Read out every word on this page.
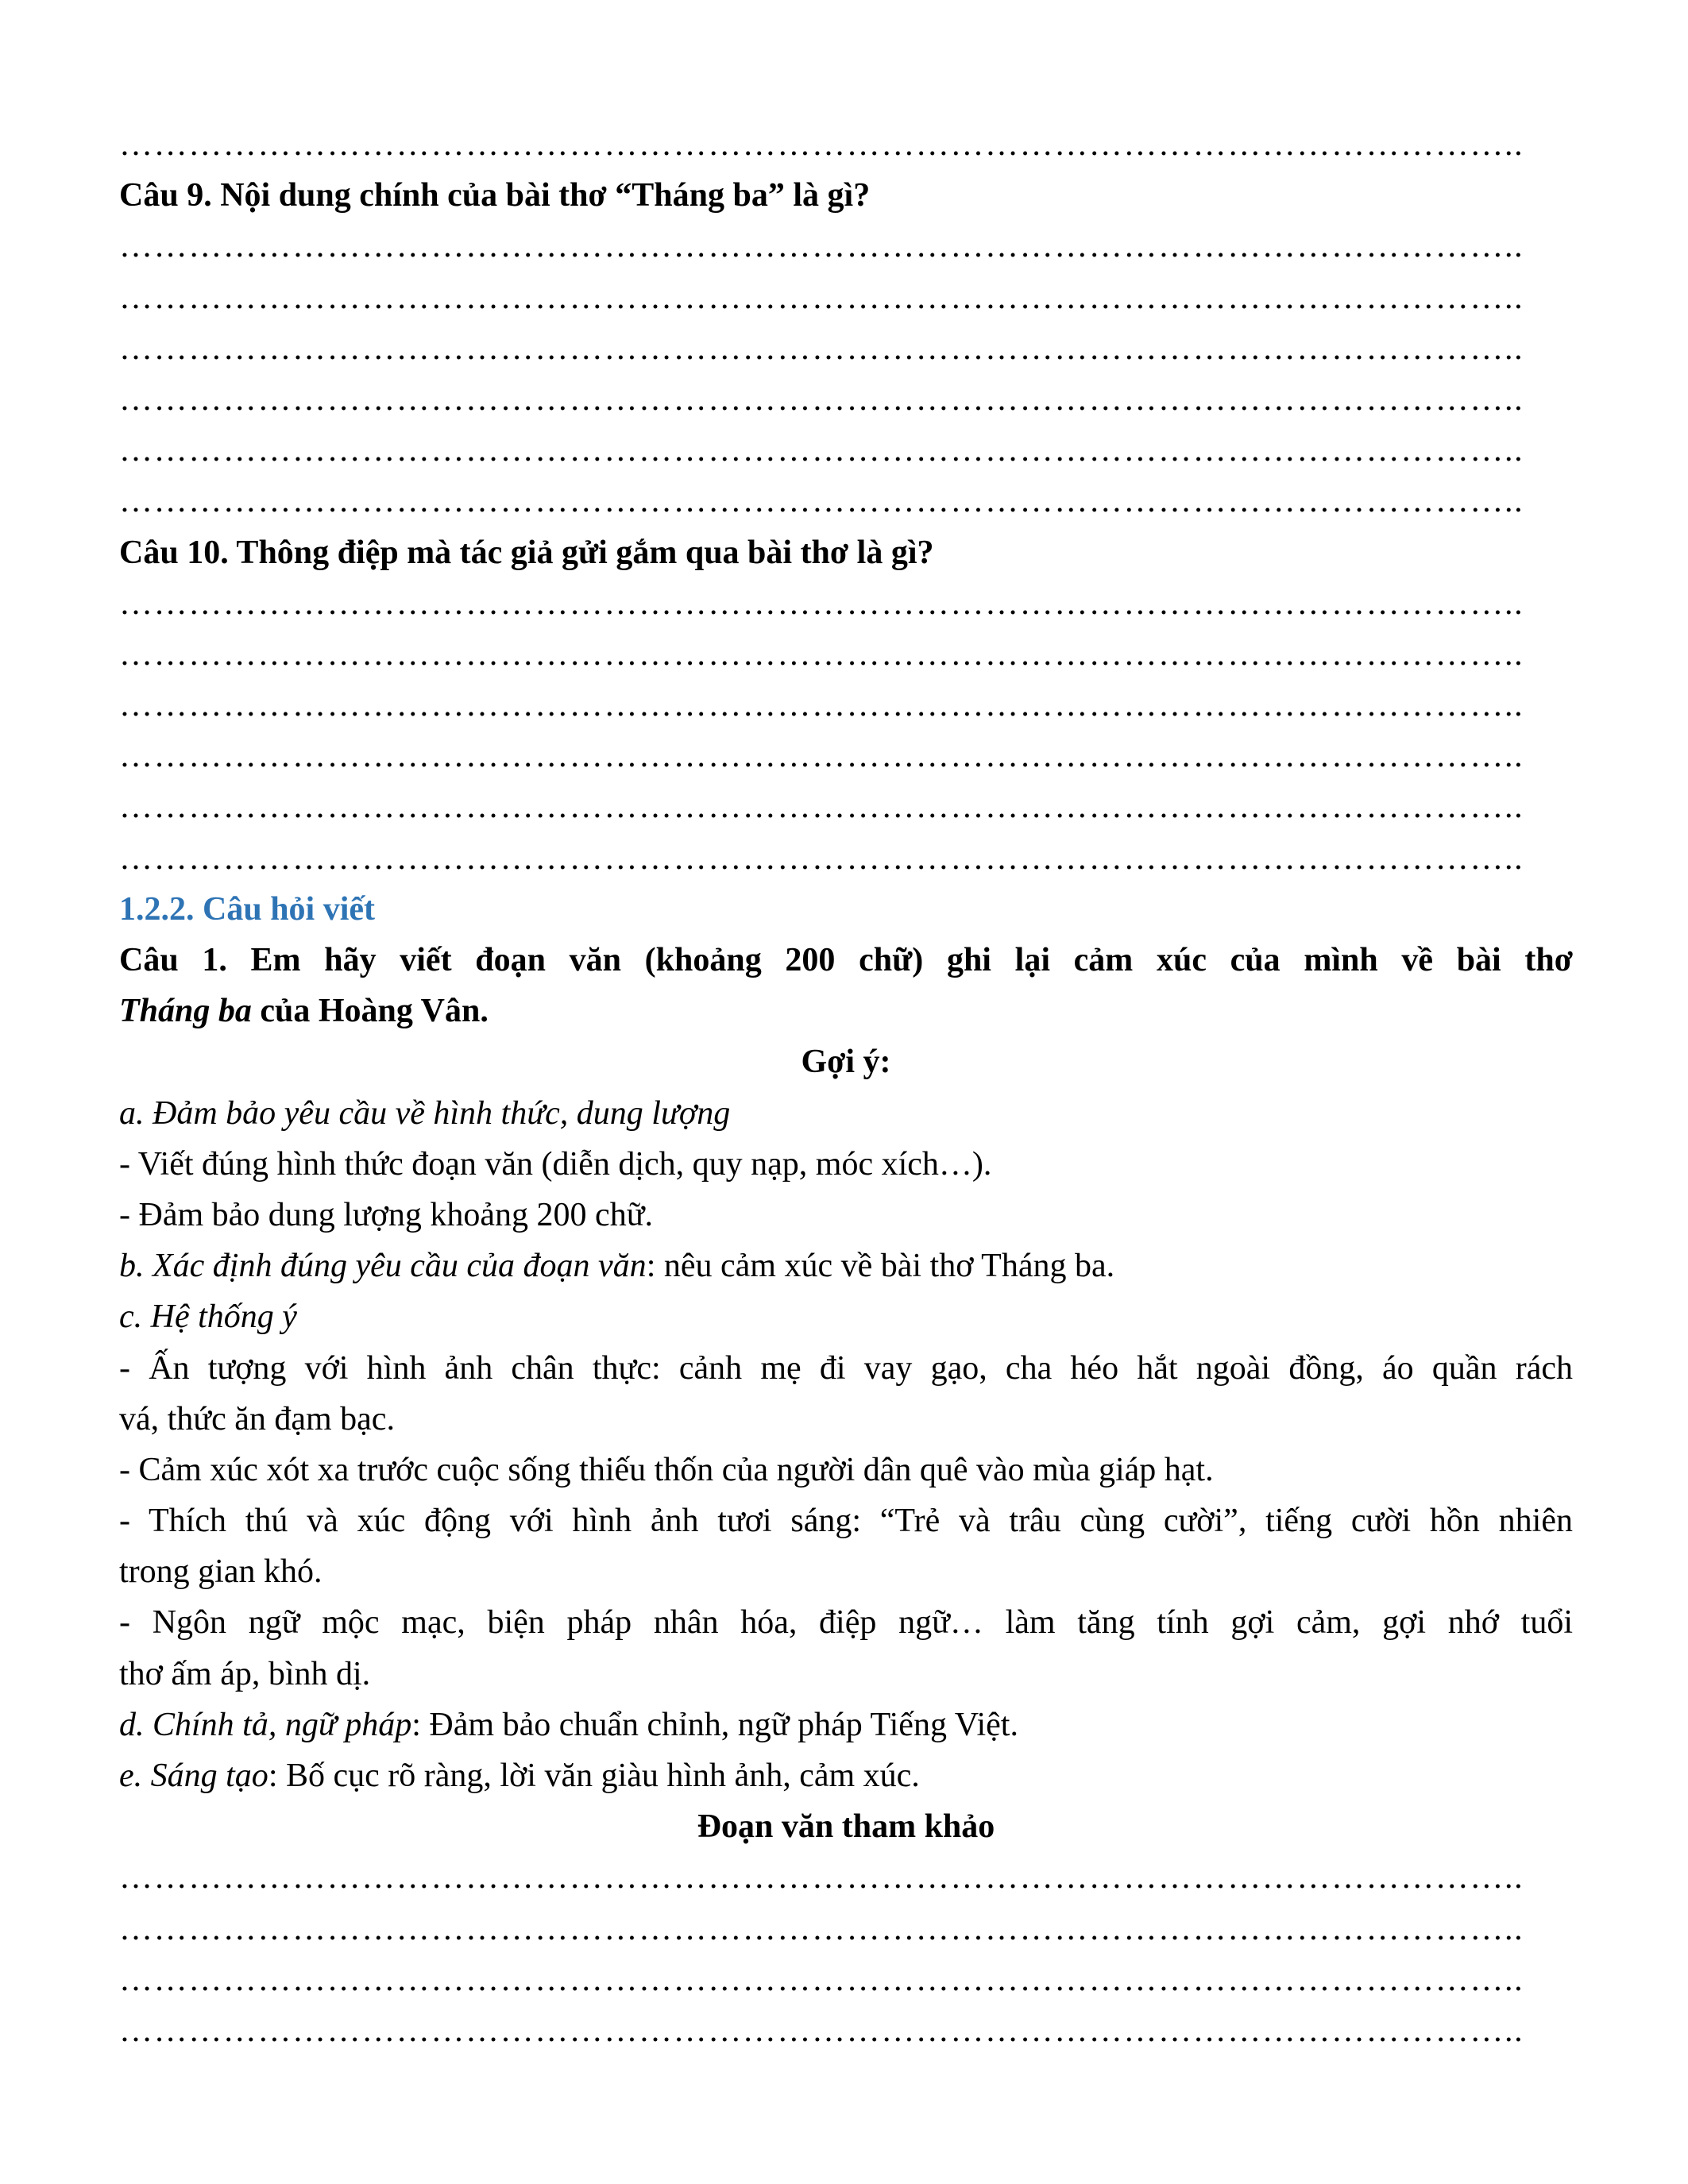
…………………………………………………………………………………………………………..
Câu 9. Nội dung chính của bài thơ “Tháng ba” là gì?
…………………………………………………………………………………………………………..
…………………………………………………………………………………………………………..
…………………………………………………………………………………………………………..
…………………………………………………………………………………………………………..
…………………………………………………………………………………………………………..
…………………………………………………………………………………………………………..
Câu 10. Thông điệp mà tác giả gửi gắm qua bài thơ là gì?
…………………………………………………………………………………………………………..
…………………………………………………………………………………………………………..
…………………………………………………………………………………………………………..
…………………………………………………………………………………………………………..
…………………………………………………………………………………………………………..
…………………………………………………………………………………………………………..
1.2.2. Câu hỏi viết
Câu 1. Em hãy viết đoạn văn (khoảng 200 chữ) ghi lại cảm xúc của mình về bài thơ
Tháng ba của Hoàng Vân.
Gợi ý:
a. Đảm bảo yêu cầu về hình thức, dung lượng
- Viết đúng hình thức đoạn văn (diễn dịch, quy nạp, móc xích…).
- Đảm bảo dung lượng khoảng 200 chữ.
b. Xác định đúng yêu cầu của đoạn văn: nêu cảm xúc về bài thơ Tháng ba.
c. Hệ thống ý
- Ấn tượng với hình ảnh chân thực: cảnh mẹ đi vay gạo, cha héo hắt ngoài đồng, áo quần rách
vá, thức ăn đạm bạc.
- Cảm xúc xót xa trước cuộc sống thiếu thốn của người dân quê vào mùa giáp hạt.
- Thích thú và xúc động với hình ảnh tươi sáng: “Trẻ và trâu cùng cười”, tiếng cười hồn nhiên
trong gian khó.
- Ngôn ngữ mộc mạc, biện pháp nhân hóa, điệp ngữ… làm tăng tính gợi cảm, gợi nhớ tuổi
thơ ấm áp, bình dị.
d. Chính tả, ngữ pháp: Đảm bảo chuẩn chỉnh, ngữ pháp Tiếng Việt.
e. Sáng tạo: Bố cục rõ ràng, lời văn giàu hình ảnh, cảm xúc.
Đoạn văn tham khảo
…………………………………………………………………………………………………………..
…………………………………………………………………………………………………………..
…………………………………………………………………………………………………………..
…………………………………………………………………………………………………………..
